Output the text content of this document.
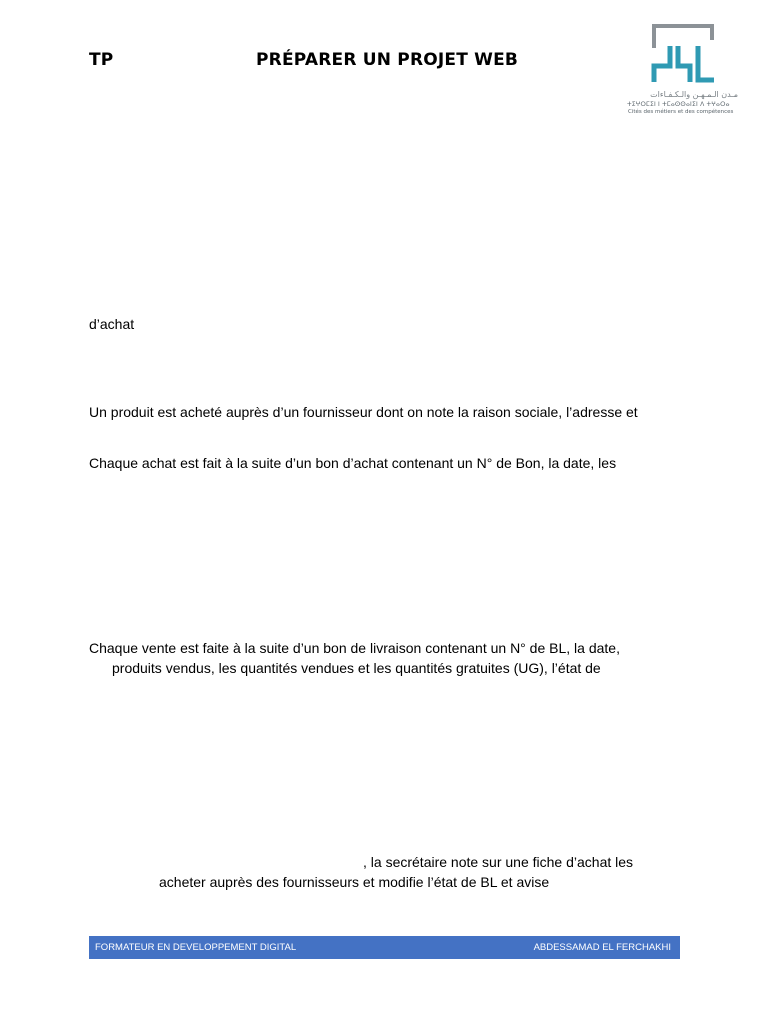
TP	PRÉPARER UN PROJET WEB
مـدن الـمـهـن والـكـفـاءات
ⵜⵉⵖⵔⵎⵉⵏ ⵏ ⵜⵎⴰⵙⵙⴰⵏⵉⵏ ⴷ ⵜⵖⴰⵔⴰ
Cités des métiers et des compétences
d’achat
Un produit est acheté auprès d’un fournisseur dont on note la raison sociale, l’adresse et
Chaque achat est fait à la suite d’un bon d’achat contenant un N° de Bon, la date, les
Chaque vente est faite à la suite d’un bon de livraison contenant un N° de BL, la date,
produits vendus, les quantités vendues et les quantités gratuites (UG), l’état de
, la secrétaire note sur une fiche d’achat les
acheter auprès des fournisseurs et modifie l’état de BL et avise
FORMATEUR EN DEVELOPPEMENT DIGITAL	ABDESSAMAD EL FERCHAKHI
